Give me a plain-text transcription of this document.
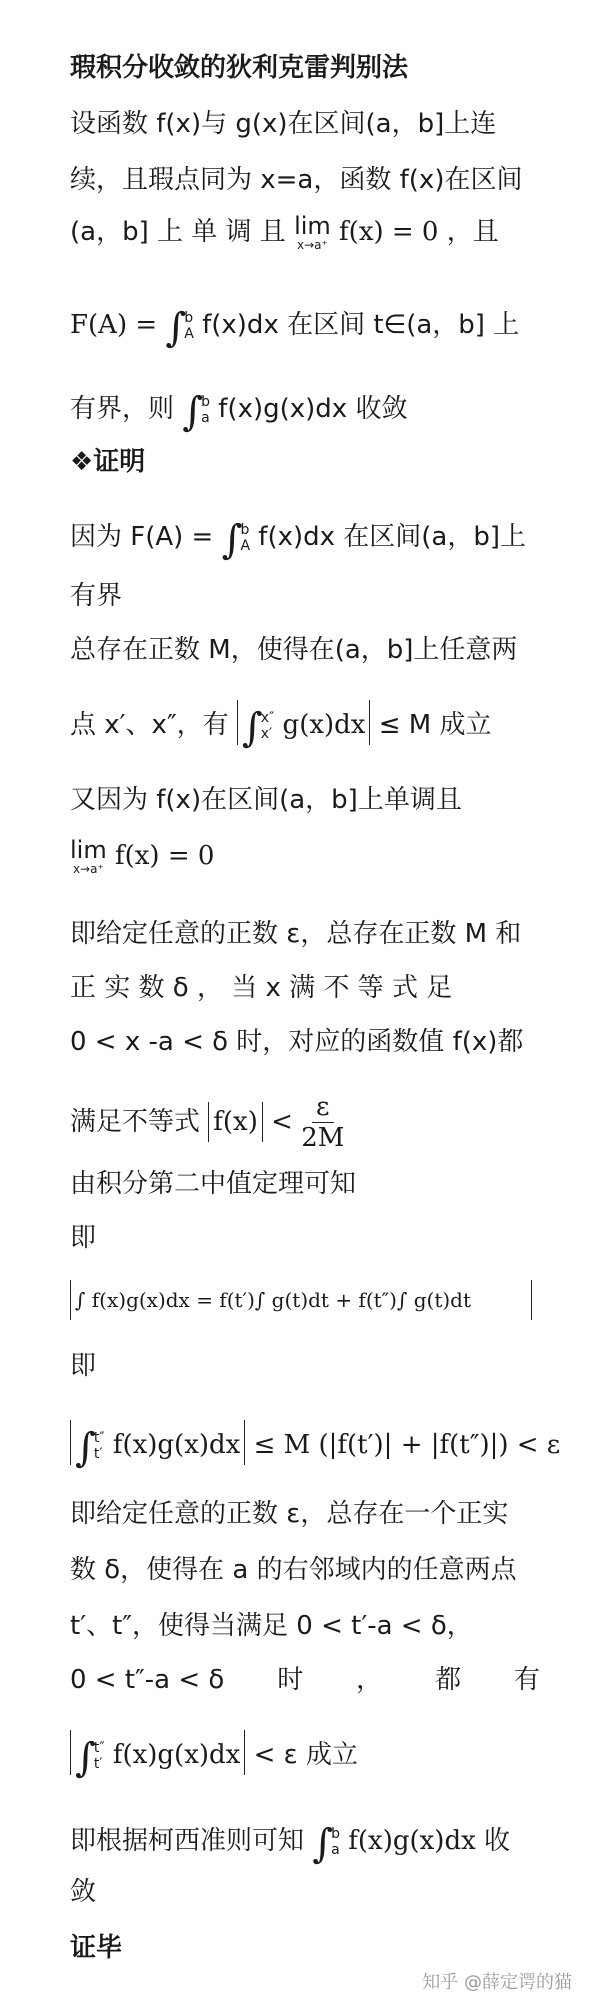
瑕积分收敛的狄利克雷判别法
设函数 f(x)与 g(x)在区间(a，b]上连
续，且瑕点同为 x=a，函数 f(x)在区间
(a，b] 上 单 调 且 lim
x→a⁺ f(x) = 0 ，且
F(A) = ∫
b
A f(x)dx 在区间 t∈(a，b] 上
有界，则 ∫
b
a f(x)g(x)dx 收敛
❖证明
因为 F(A) = ∫
b
A f(x)dx 在区间(a，b]上
有界
总存在正数 M，使得在(a，b]上任意两
点 x′、x″，有 ∫
x″
x′ g(x)dx ≤ M 成立
又因为 f(x)在区间(a，b]上单调且
lim
x→a⁺ f(x) = 0
即给定任意的正数 ε，总存在正数 M 和
正 实 数 δ ， 当 x 满 不 等 式 足
0 < x -a < δ 时，对应的函数值 f(x)都
满足不等式 $f(x) < \frac{\varepsilon}{2M}$
由积分第二中值定理可知
即
∫ f(x)g(x)dx = f(t′)∫ g(t)dt + f(t″)∫ g(t)dt
即
∫
t″
t′ f(x)g(x)dx ≤ M (|f(t′)| + |f(t″)|) < ε
即给定任意的正数 ε，总存在一个正实
数 δ，使得在 a 的右邻域内的任意两点
t′、t″，使得当满足 0 < t′-a < δ，
0 < t″-a < δ 时 ， 都 有
∫
t″
t′ f(x)g(x)dx < ε 成立
即根据柯西准则可知 ∫
b
a f(x)g(x)dx 收
敛
证毕
知乎 @薛定谔的猫
